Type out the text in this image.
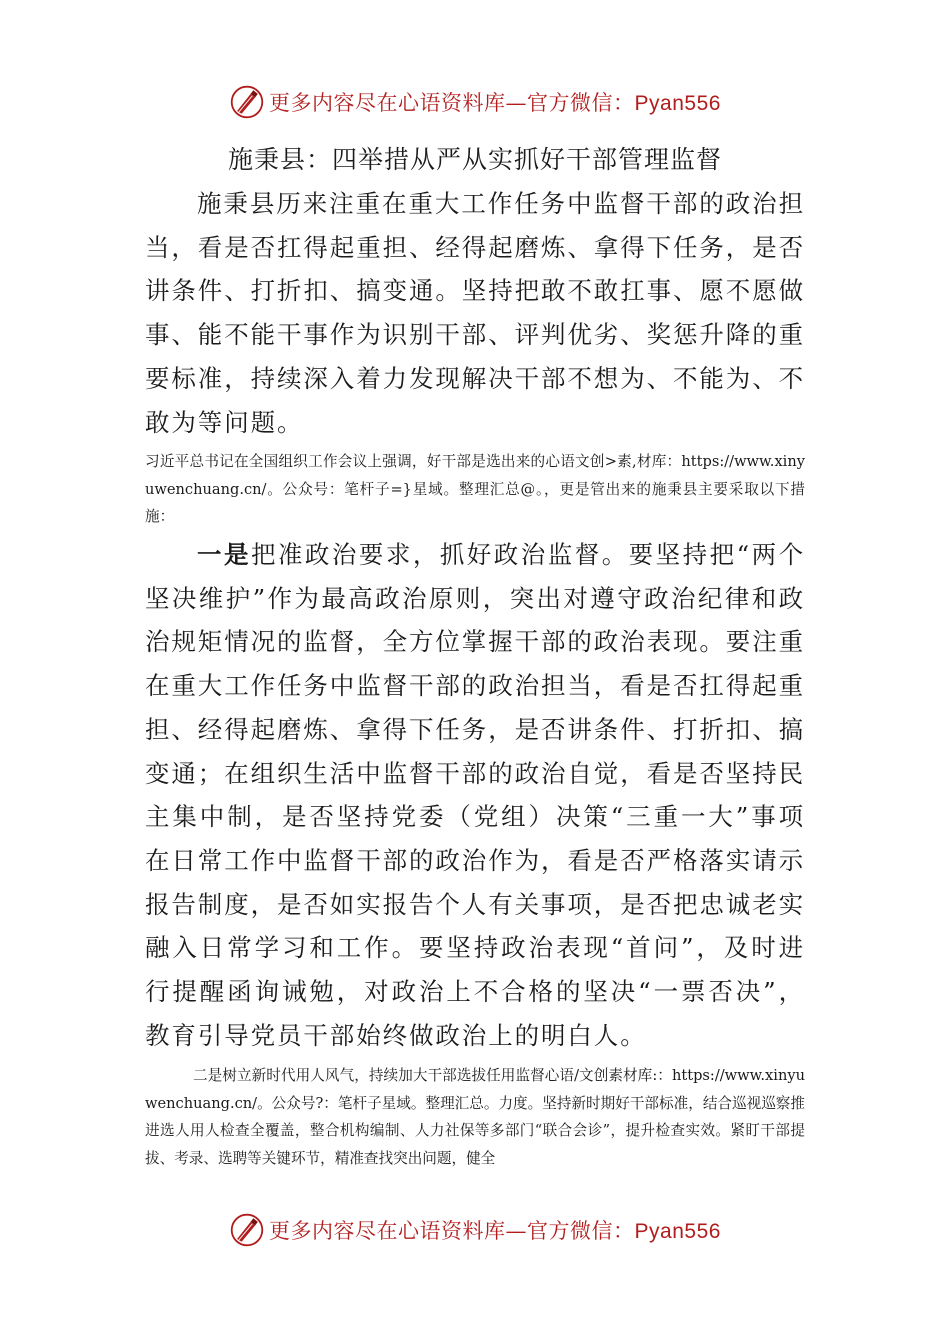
更多内容尽在心语资料库—官方微信：Pyan556
施秉县：四举措从严从实抓好干部管理监督
施秉县历来注重在重大工作任务中监督干部的政治担当，看是否扛得起重担、经得起磨炼、拿得下任务，是否讲条件、打折扣、搞变通。坚持把敢不敢扛事、愿不愿做事、能不能干事作为识别干部、评判优劣、奖惩升降的重要标准，持续深入着力发现解决干部不想为、不能为、不敢为等问题。
习近平总书记在全国组织工作会议上强调，好干部是选出来的心语文创>素,材库：https://www.xinyuwenchuang.cn/。公众号：笔杆子=}星域。整理汇总@。，更是管出来的施秉县主要采取以下措施：
一是把准政治要求，抓好政治监督。要坚持把“两个坚决维护”作为最高政治原则，突出对遵守政治纪律和政治规矩情况的监督，全方位掌握干部的政治表现。要注重在重大工作任务中监督干部的政治担当，看是否扛得起重担、经得起磨炼、拿得下任务，是否讲条件、打折扣、搞变通；在组织生活中监督干部的政治自觉，看是否坚持民主集中制，是否坚持党委（党组）决策“三重一大”事项在日常工作中监督干部的政治作为，看是否严格落实请示报告制度，是否如实报告个人有关事项，是否把忠诚老实融入日常学习和工作。要坚持政治表现“首问”，及时进行提醒函询诫勉，对政治上不合格的坚决“一票否决”，教育引导党员干部始终做政治上的明白人。
二是树立新时代用人风气，持续加大干部选拔任用监督心语/文创素材库:：https://www.xinyuwenchuang.cn/。公众号?：笔杆子星域。整理汇总。力度。坚持新时期好干部标准，结合巡视巡察推进选人用人检查全覆盖，整合机构编制、人力社保等多部门“联合会诊”，提升检查实效。紧盯干部提拔、考录、选聘等关键环节，精准查找突出问题，健全
更多内容尽在心语资料库—官方微信：Pyan556
